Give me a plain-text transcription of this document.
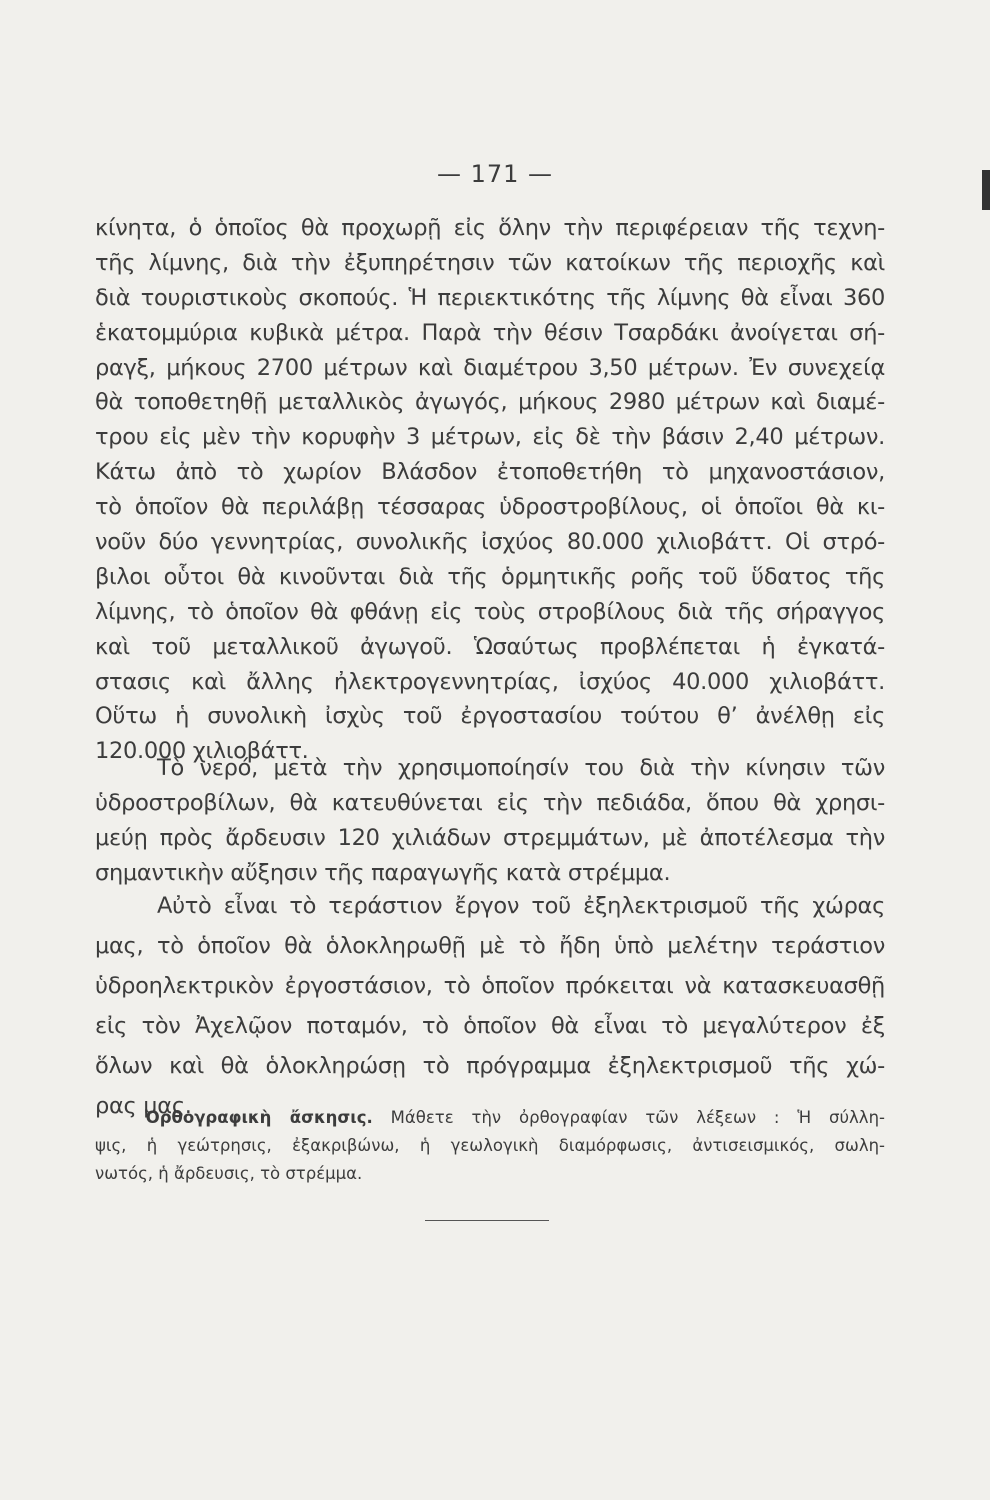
— 171 —
κίνητα, ὁ ὁποῖος θὰ προχωρῇ εἰς ὅλην τὴν περιφέρειαν τῆς τεχνη-
τῆς λίμνης, διὰ τὴν ἐξυπηρέτησιν τῶν κατοίκων τῆς περιοχῆς καὶ
διὰ τουριστικοὺς σκοπούς. Ἡ περιεκτικότης τῆς λίμνης θὰ εἶναι 360
ἑκατομμύρια κυβικὰ μέτρα. Παρὰ τὴν θέσιν Τσαρδάκι ἀνοίγεται σή-
ραγξ, μήκους 2700 μέτρων καὶ διαμέτρου 3,50 μέτρων. Ἐν συνεχείᾳ
θὰ τοποθετηθῇ μεταλλικὸς ἀγωγός, μήκους 2980 μέτρων καὶ διαμέ-
τρου εἰς μὲν τὴν κορυφὴν 3 μέτρων, εἰς δὲ τὴν βάσιν 2,40 μέτρων.
Κάτω ἀπὸ τὸ χωρίον Βλάσδον ἐτοποθετήθη τὸ μηχανοστάσιον,
τὸ ὁποῖον θὰ περιλάβῃ τέσσαρας ὑδροστροβίλους, οἱ ὁποῖοι θὰ κι-
νοῦν δύο γεννητρίας, συνολικῆς ἰσχύος 80.000 χιλιοβάττ. Οἱ στρό-
βιλοι οὗτοι θὰ κινοῦνται διὰ τῆς ὁρμητικῆς ροῆς τοῦ ὕδατος τῆς
λίμνης, τὸ ὁποῖον θὰ φθάνῃ εἰς τοὺς στροβίλους διὰ τῆς σήραγγος
καὶ τοῦ μεταλλικοῦ ἀγωγοῦ. Ὡσαύτως προβλέπεται ἡ ἐγκατά-
στασις καὶ ἄλλης ἠλεκτρογεννητρίας, ἰσχύος 40.000 χιλιοβάττ.
Οὕτω ἡ συνολικὴ ἰσχὺς τοῦ ἐργοστασίου τούτου θ’ ἀνέλθῃ εἰς
120.000 χιλιοβάττ.
Τὸ νερό, μετὰ τὴν χρησιμοποίησίν του διὰ τὴν κίνησιν τῶν
ὑδροστροβίλων, θὰ κατευθύνεται εἰς τὴν πεδιάδα, ὅπου θὰ χρησι-
μεύῃ πρὸς ἄρδευσιν 120 χιλιάδων στρεμμάτων, μὲ ἀποτέλεσμα τὴν
σημαντικὴν αὔξησιν τῆς παραγωγῆς κατὰ στρέμμα.
Αὐτὸ εἶναι τὸ τεράστιον ἔργον τοῦ ἐξηλεκτρισμοῦ τῆς χώρας
μας, τὸ ὁποῖον θὰ ὁλοκληρωθῇ μὲ τὸ ἤδη ὑπὸ μελέτην τεράστιον
ὑδροηλεκτρικὸν ἐργοστάσιον, τὸ ὁποῖον πρόκειται νὰ κατασκευασθῇ
εἰς τὸν Ἀχελῷον ποταμόν, τὸ ὁποῖον θὰ εἶναι τὸ μεγαλύτερον ἐξ
ὅλων καὶ θὰ ὁλοκληρώσῃ τὸ πρόγραμμα ἐξηλεκτρισμοῦ τῆς χώ-
ρας μας.
Ὀρθογραφικὴ ἄσκησις. Μάθετε τὴν ὀρθογραφίαν τῶν λέξεων : Ἡ σύλλη-
ψις, ἡ γεώτρησις, ἐξακριβώνω, ἡ γεωλογικὴ διαμόρφωσις, ἀντισεισμικός, σωλη-
νωτός, ἡ ἄρδευσις, τὸ στρέμμα.
